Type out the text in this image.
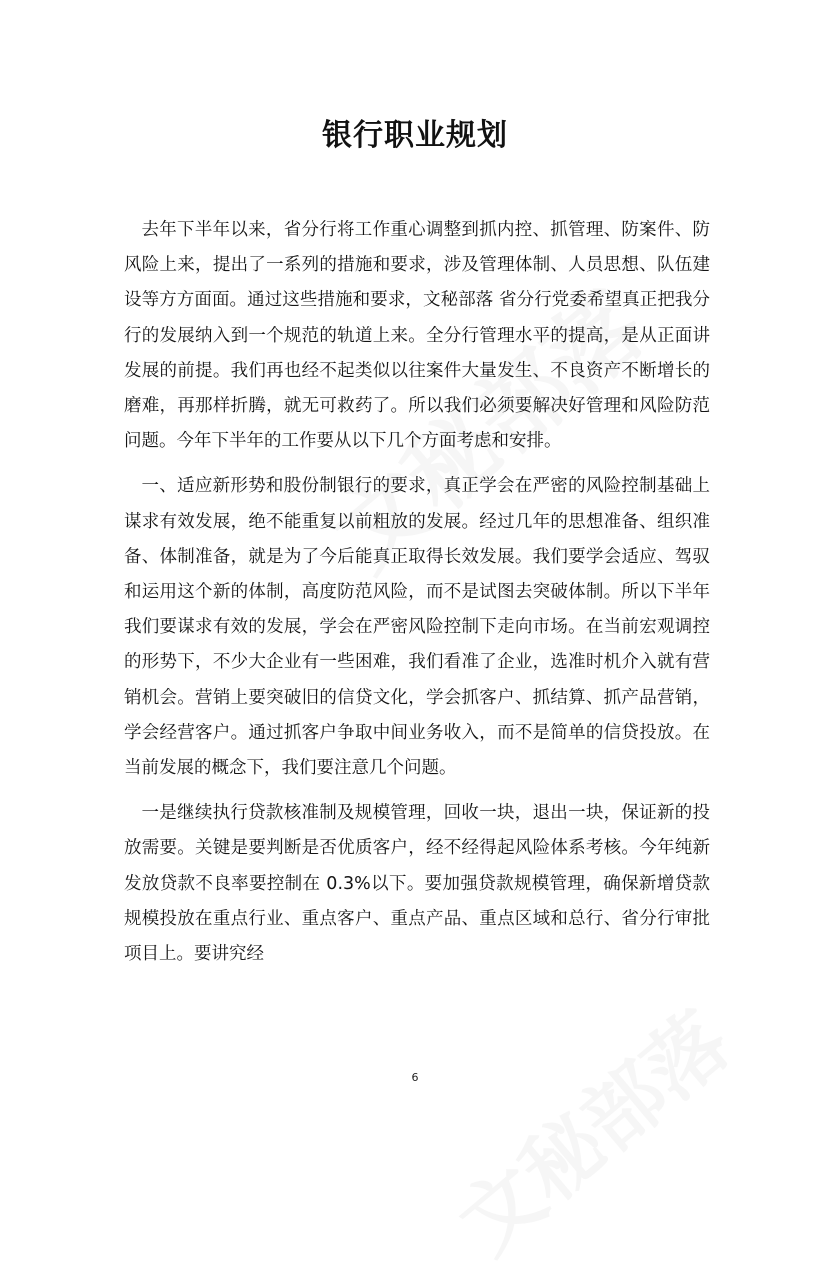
银行职业规划

去年下半年以来，省分行将工作重心调整到抓内控、抓管理、防案件、防风险上来，提出了一系列的措施和要求，涉及管理体制、人员思想、队伍建设等方方面面。通过这些措施和要求，文秘部落 省分行党委希望真正把我分行的发展纳入到一个规范的轨道上来。全分行管理水平的提高，是从正面讲发展的前提。我们再也经不起类似以往案件大量发生、不良资产不断增长的磨难，再那样折腾，就无可救药了。所以我们必须要解决好管理和风险防范问题。今年下半年的工作要从以下几个方面考虑和安排。

一、适应新形势和股份制银行的要求，真正学会在严密的风险控制基础上谋求有效发展，绝不能重复以前粗放的发展。经过几年的思想准备、组织准备、体制准备，就是为了今后能真正取得长效发展。我们要学会适应、驾驭和运用这个新的体制，高度防范风险，而不是试图去突破体制。所以下半年我们要谋求有效的发展，学会在严密风险控制下走向市场。在当前宏观调控的形势下，不少大企业有一些困难，我们看准了企业，选准时机介入就有营销机会。营销上要突破旧的信贷文化，学会抓客户、抓结算、抓产品营销，学会经营客户。通过抓客户争取中间业务收入，而不是简单的信贷投放。在当前发展的概念下，我们要注意几个问题。

一是继续执行贷款核准制及规模管理，回收一块，退出一块，保证新的投放需要。关键是要判断是否优质客户，经不经得起风险体系考核。今年纯新发放贷款不良率要控制在 0.3%以下。要加强贷款规模管理，确保新增贷款规模投放在重点行业、重点客户、重点产品、重点区域和总行、省分行审批项目上。要讲究经

6
